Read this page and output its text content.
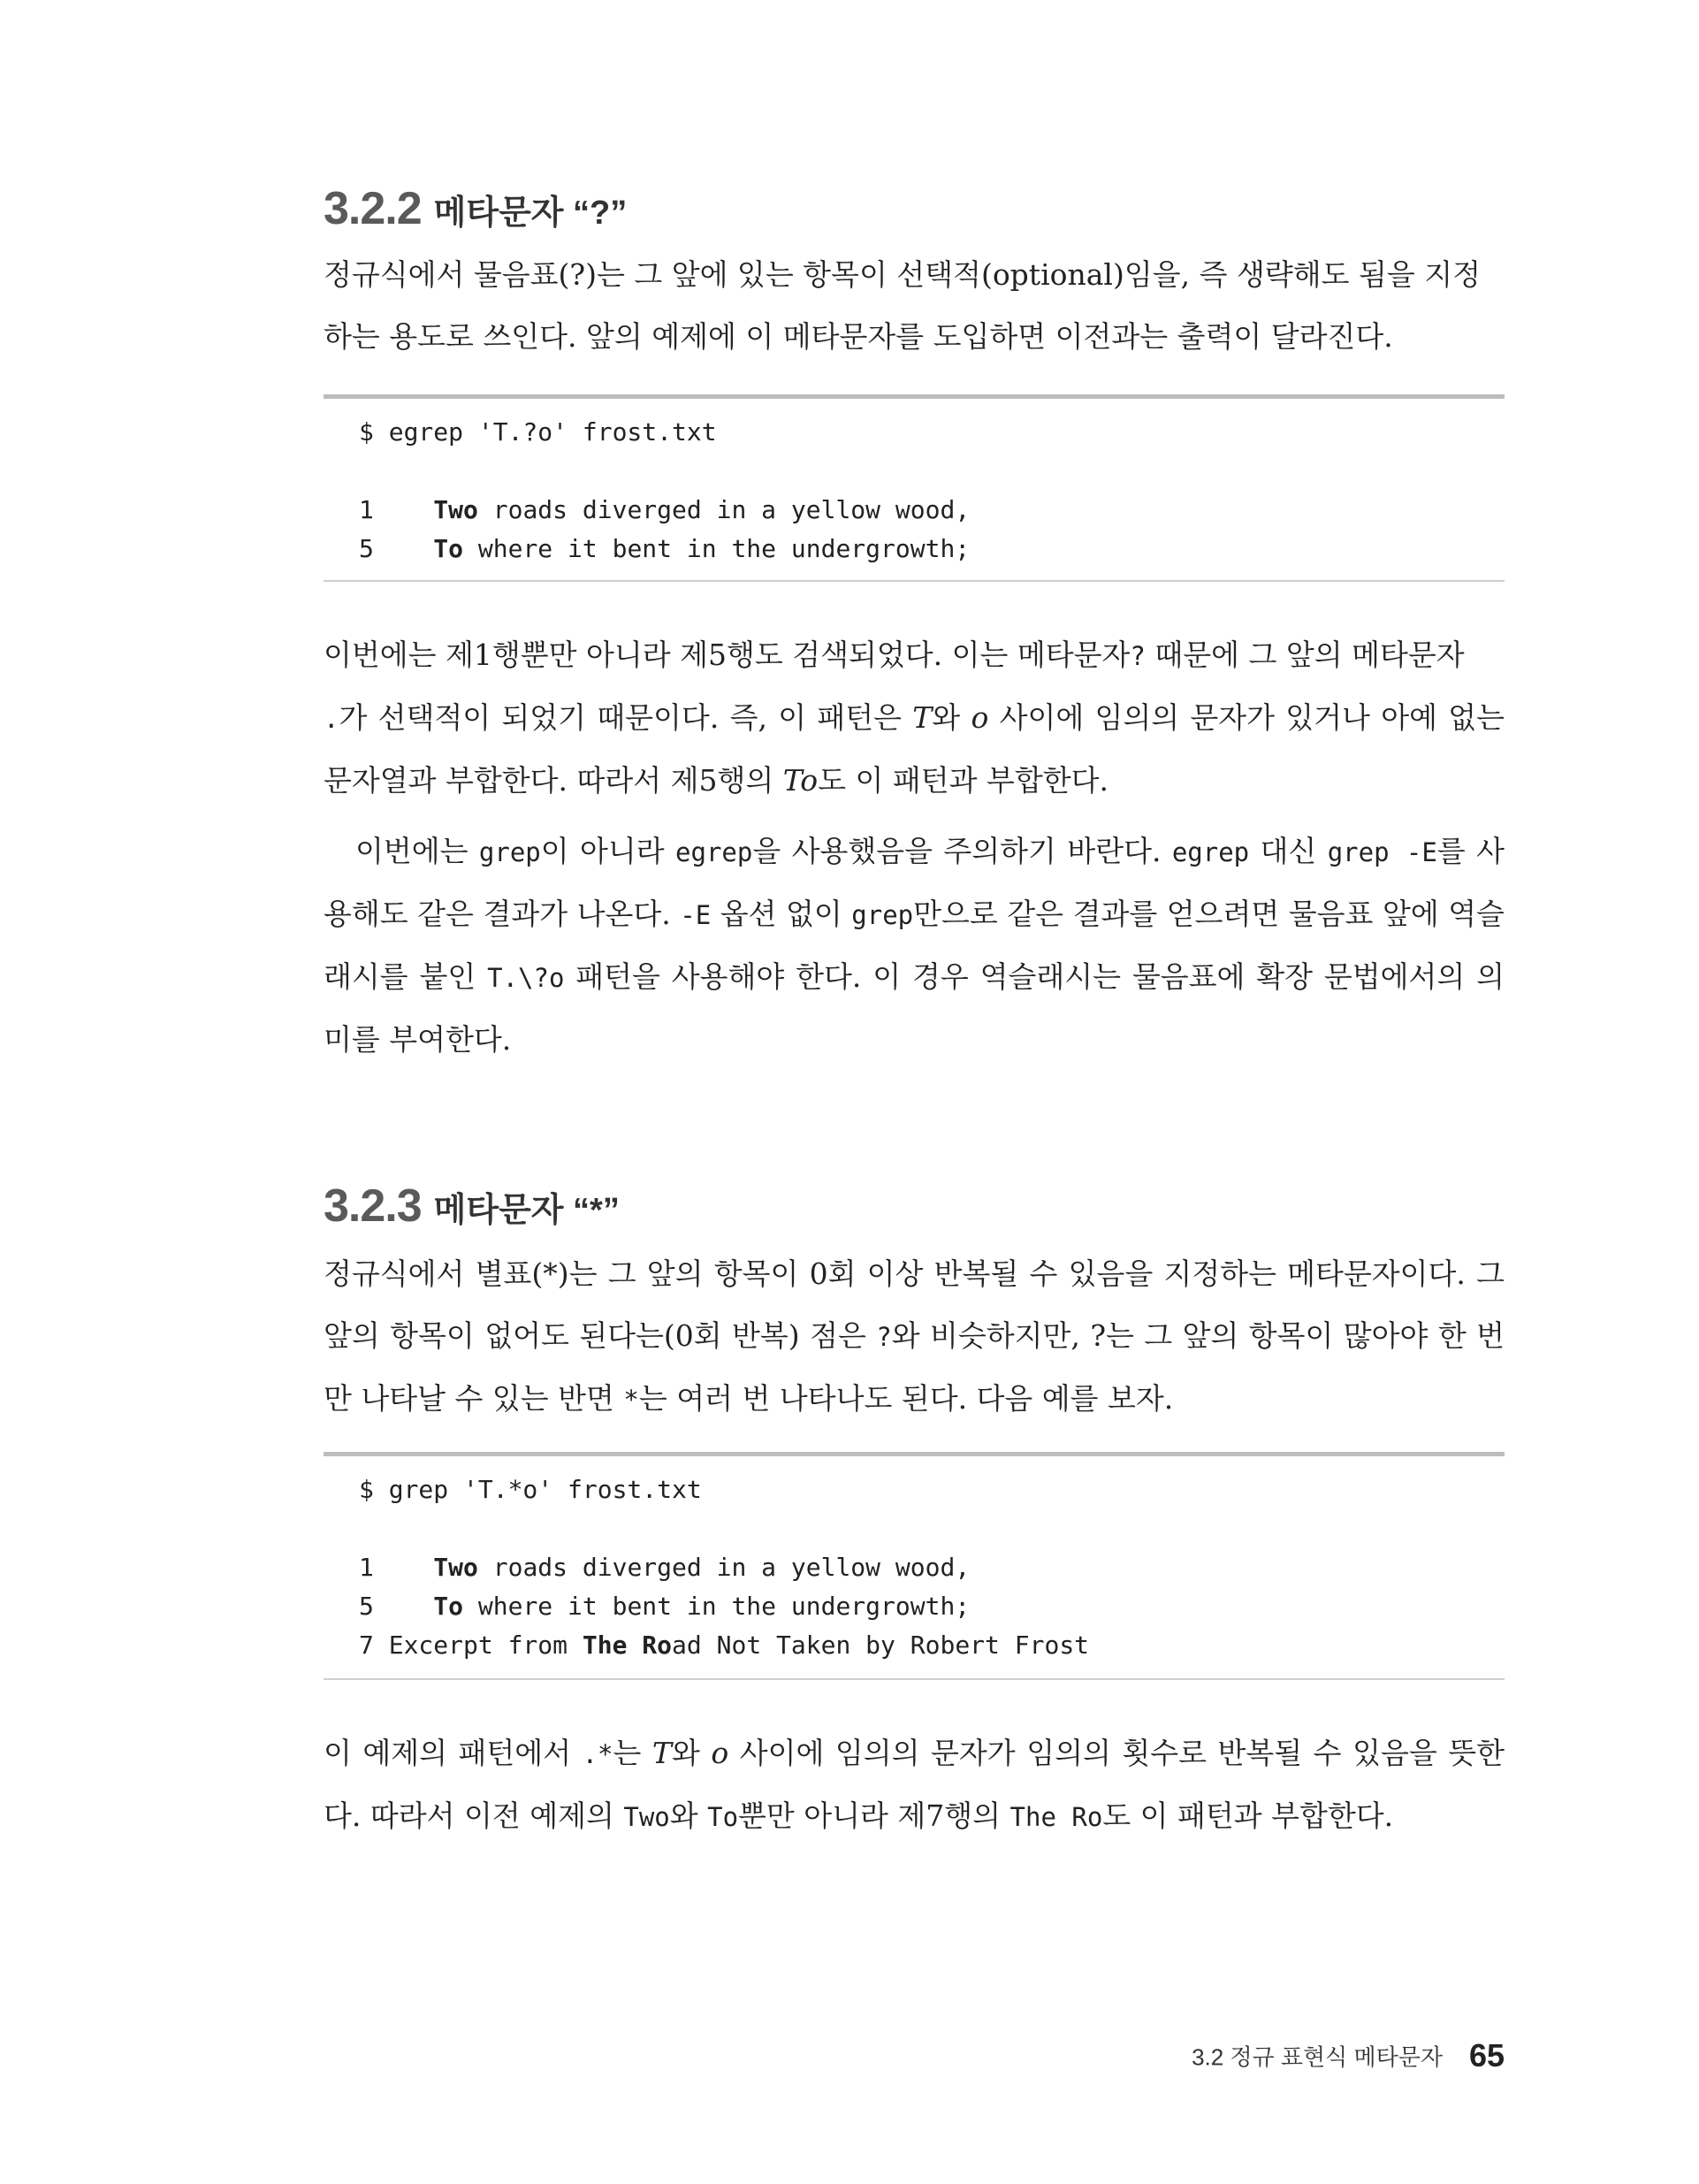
3.2.2 메타문자 “?”

정규식에서 물음표(?)는 그 앞에 있는 항목이 선택적(optional)임을, 즉 생략해도 됨을 지정
하는 용도로 쓰인다. 앞의 예제에 이 메타문자를 도입하면 이전과는 출력이 달라진다.

$ egrep 'T.?o' frost.txt
1 Two roads diverged in a yellow wood,
5 To where it bent in the undergrowth;

이번에는 제1행뿐만 아니라 제5행도 검색되었다. 이는 메타문자? 때문에 그 앞의 메타문자
.가 선택적이 되었기 때문이다. 즉, 이 패턴은 T와 o 사이에 임의의 문자가 있거나 아예 없는 문자열과 부합한다. 따라서 제5행의 To도 이 패턴과 부합한다.

이번에는 grep이 아니라 egrep을 사용했음을 주의하기 바란다. egrep 대신 grep -E를 사용해도 같은 결과가 나온다. -E 옵션 없이 grep만으로 같은 결과를 얻으려면 물음표 앞에 역슬래시를 붙인 T.\?o 패턴을 사용해야 한다. 이 경우 역슬래시는 물음표에 확장 문법에서의 의미를 부여한다.

3.2.3 메타문자 “*”

정규식에서 별표(*)는 그 앞의 항목이 0회 이상 반복될 수 있음을 지정하는 메타문자이다. 그 앞의 항목이 없어도 된다는(0회 반복) 점은 ?와 비슷하지만, ?는 그 앞의 항목이 많아야 한 번만 나타날 수 있는 반면 *는 여러 번 나타나도 된다. 다음 예를 보자.

$ grep 'T.*o' frost.txt
1 Two roads diverged in a yellow wood,
5 To where it bent in the undergrowth;
7 Excerpt from The Road Not Taken by Robert Frost

이 예제의 패턴에서 .*는 T와 o 사이에 임의의 문자가 임의의 횟수로 반복될 수 있음을 뜻한다. 따라서 이전 예제의 Two와 To뿐만 아니라 제7행의 The Ro도 이 패턴과 부합한다.

3.2 정규 표현식 메타문자 65
